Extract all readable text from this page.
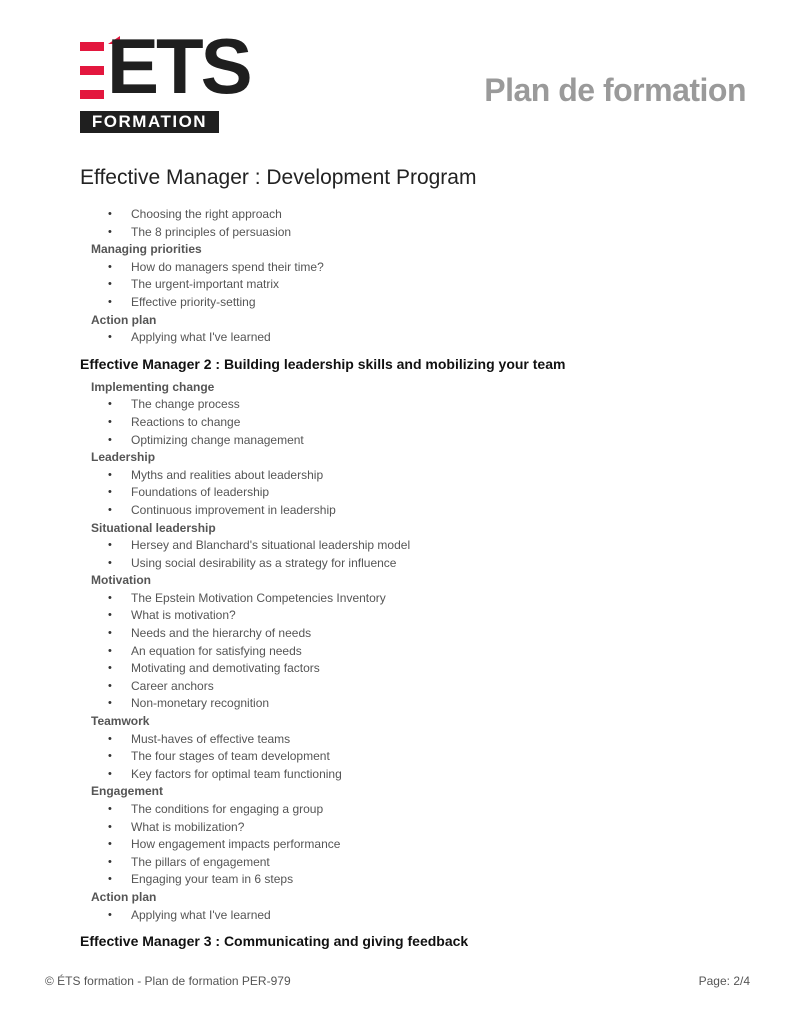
ETS
FORMATION
Plan de formation
Effective Manager : Development Program
• Choosing the right approach
• The 8 principles of persuasion
Managing priorities
• How do managers spend their time?
• The urgent-important matrix
• Effective priority-setting
Action plan
• Applying what I've learned
Effective Manager 2 : Building leadership skills and mobilizing your team
Implementing change
• The change process
• Reactions to change
• Optimizing change management
Leadership
• Myths and realities about leadership
• Foundations of leadership
• Continuous improvement in leadership
Situational leadership
• Hersey and Blanchard's situational leadership model
• Using social desirability as a strategy for influence
Motivation
• The Epstein Motivation Competencies Inventory
• What is motivation?
• Needs and the hierarchy of needs
• An equation for satisfying needs
• Motivating and demotivating factors
• Career anchors
• Non-monetary recognition
Teamwork
• Must-haves of effective teams
• The four stages of team development
• Key factors for optimal team functioning
Engagement
• The conditions for engaging a group
• What is mobilization?
• How engagement impacts performance
• The pillars of engagement
• Engaging your team in 6 steps
Action plan
• Applying what I've learned
Effective Manager 3 : Communicating and giving feedback
© ÉTS formation - Plan de formation PER-979	Page: 2/4
